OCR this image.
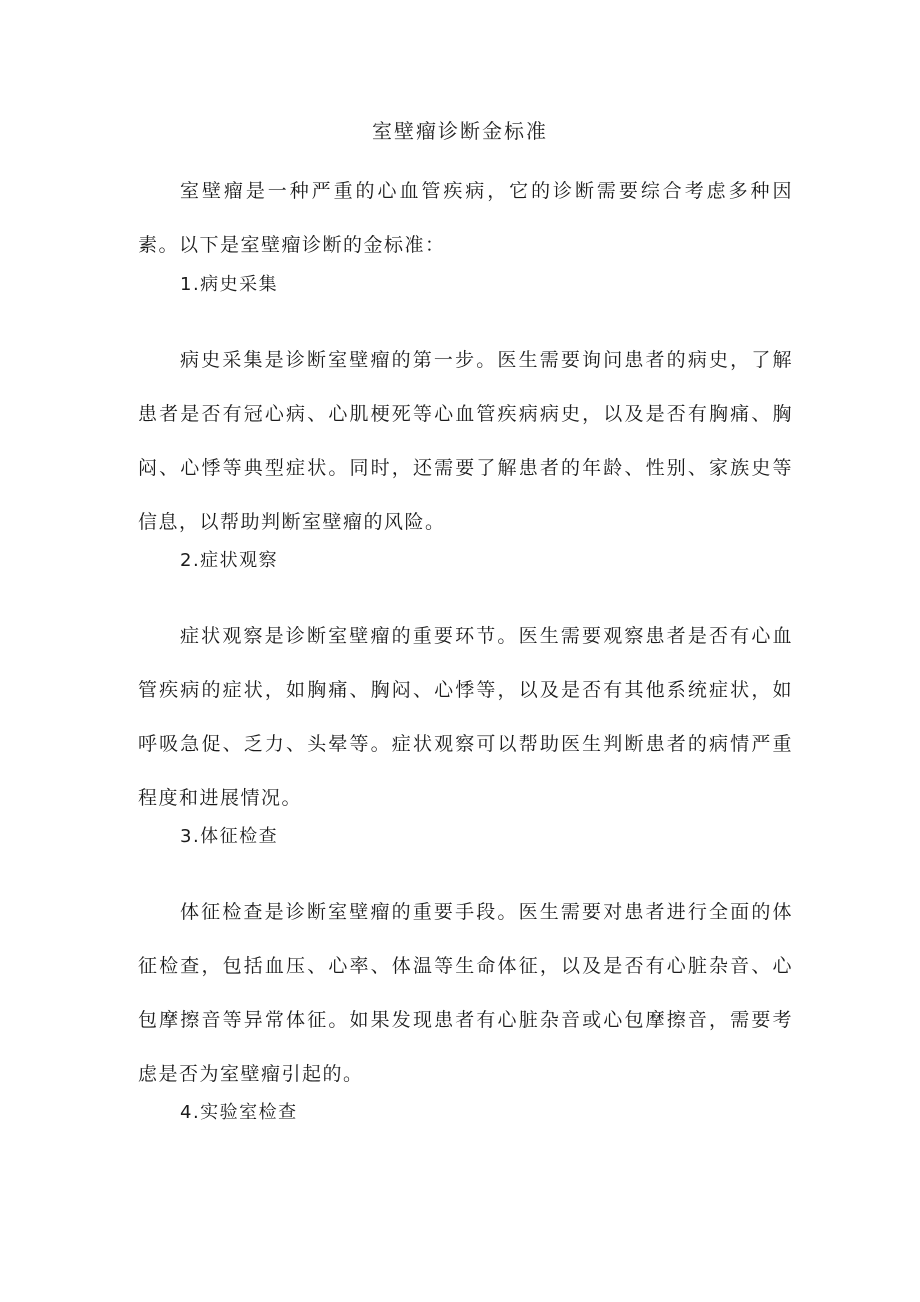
室壁瘤诊断金标准

室壁瘤是一种严重的心血管疾病，它的诊断需要综合考虑多种因素。以下是室壁瘤诊断的金标准：

1.病史采集

病史采集是诊断室壁瘤的第一步。医生需要询问患者的病史，了解患者是否有冠心病、心肌梗死等心血管疾病病史，以及是否有胸痛、胸闷、心悸等典型症状。同时，还需要了解患者的年龄、性别、家族史等信息，以帮助判断室壁瘤的风险。

2.症状观察

症状观察是诊断室壁瘤的重要环节。医生需要观察患者是否有心血管疾病的症状，如胸痛、胸闷、心悸等，以及是否有其他系统症状，如呼吸急促、乏力、头晕等。症状观察可以帮助医生判断患者的病情严重程度和进展情况。

3.体征检查

体征检查是诊断室壁瘤的重要手段。医生需要对患者进行全面的体征检查，包括血压、心率、体温等生命体征，以及是否有心脏杂音、心包摩擦音等异常体征。如果发现患者有心脏杂音或心包摩擦音，需要考虑是否为室壁瘤引起的。

4.实验室检查
